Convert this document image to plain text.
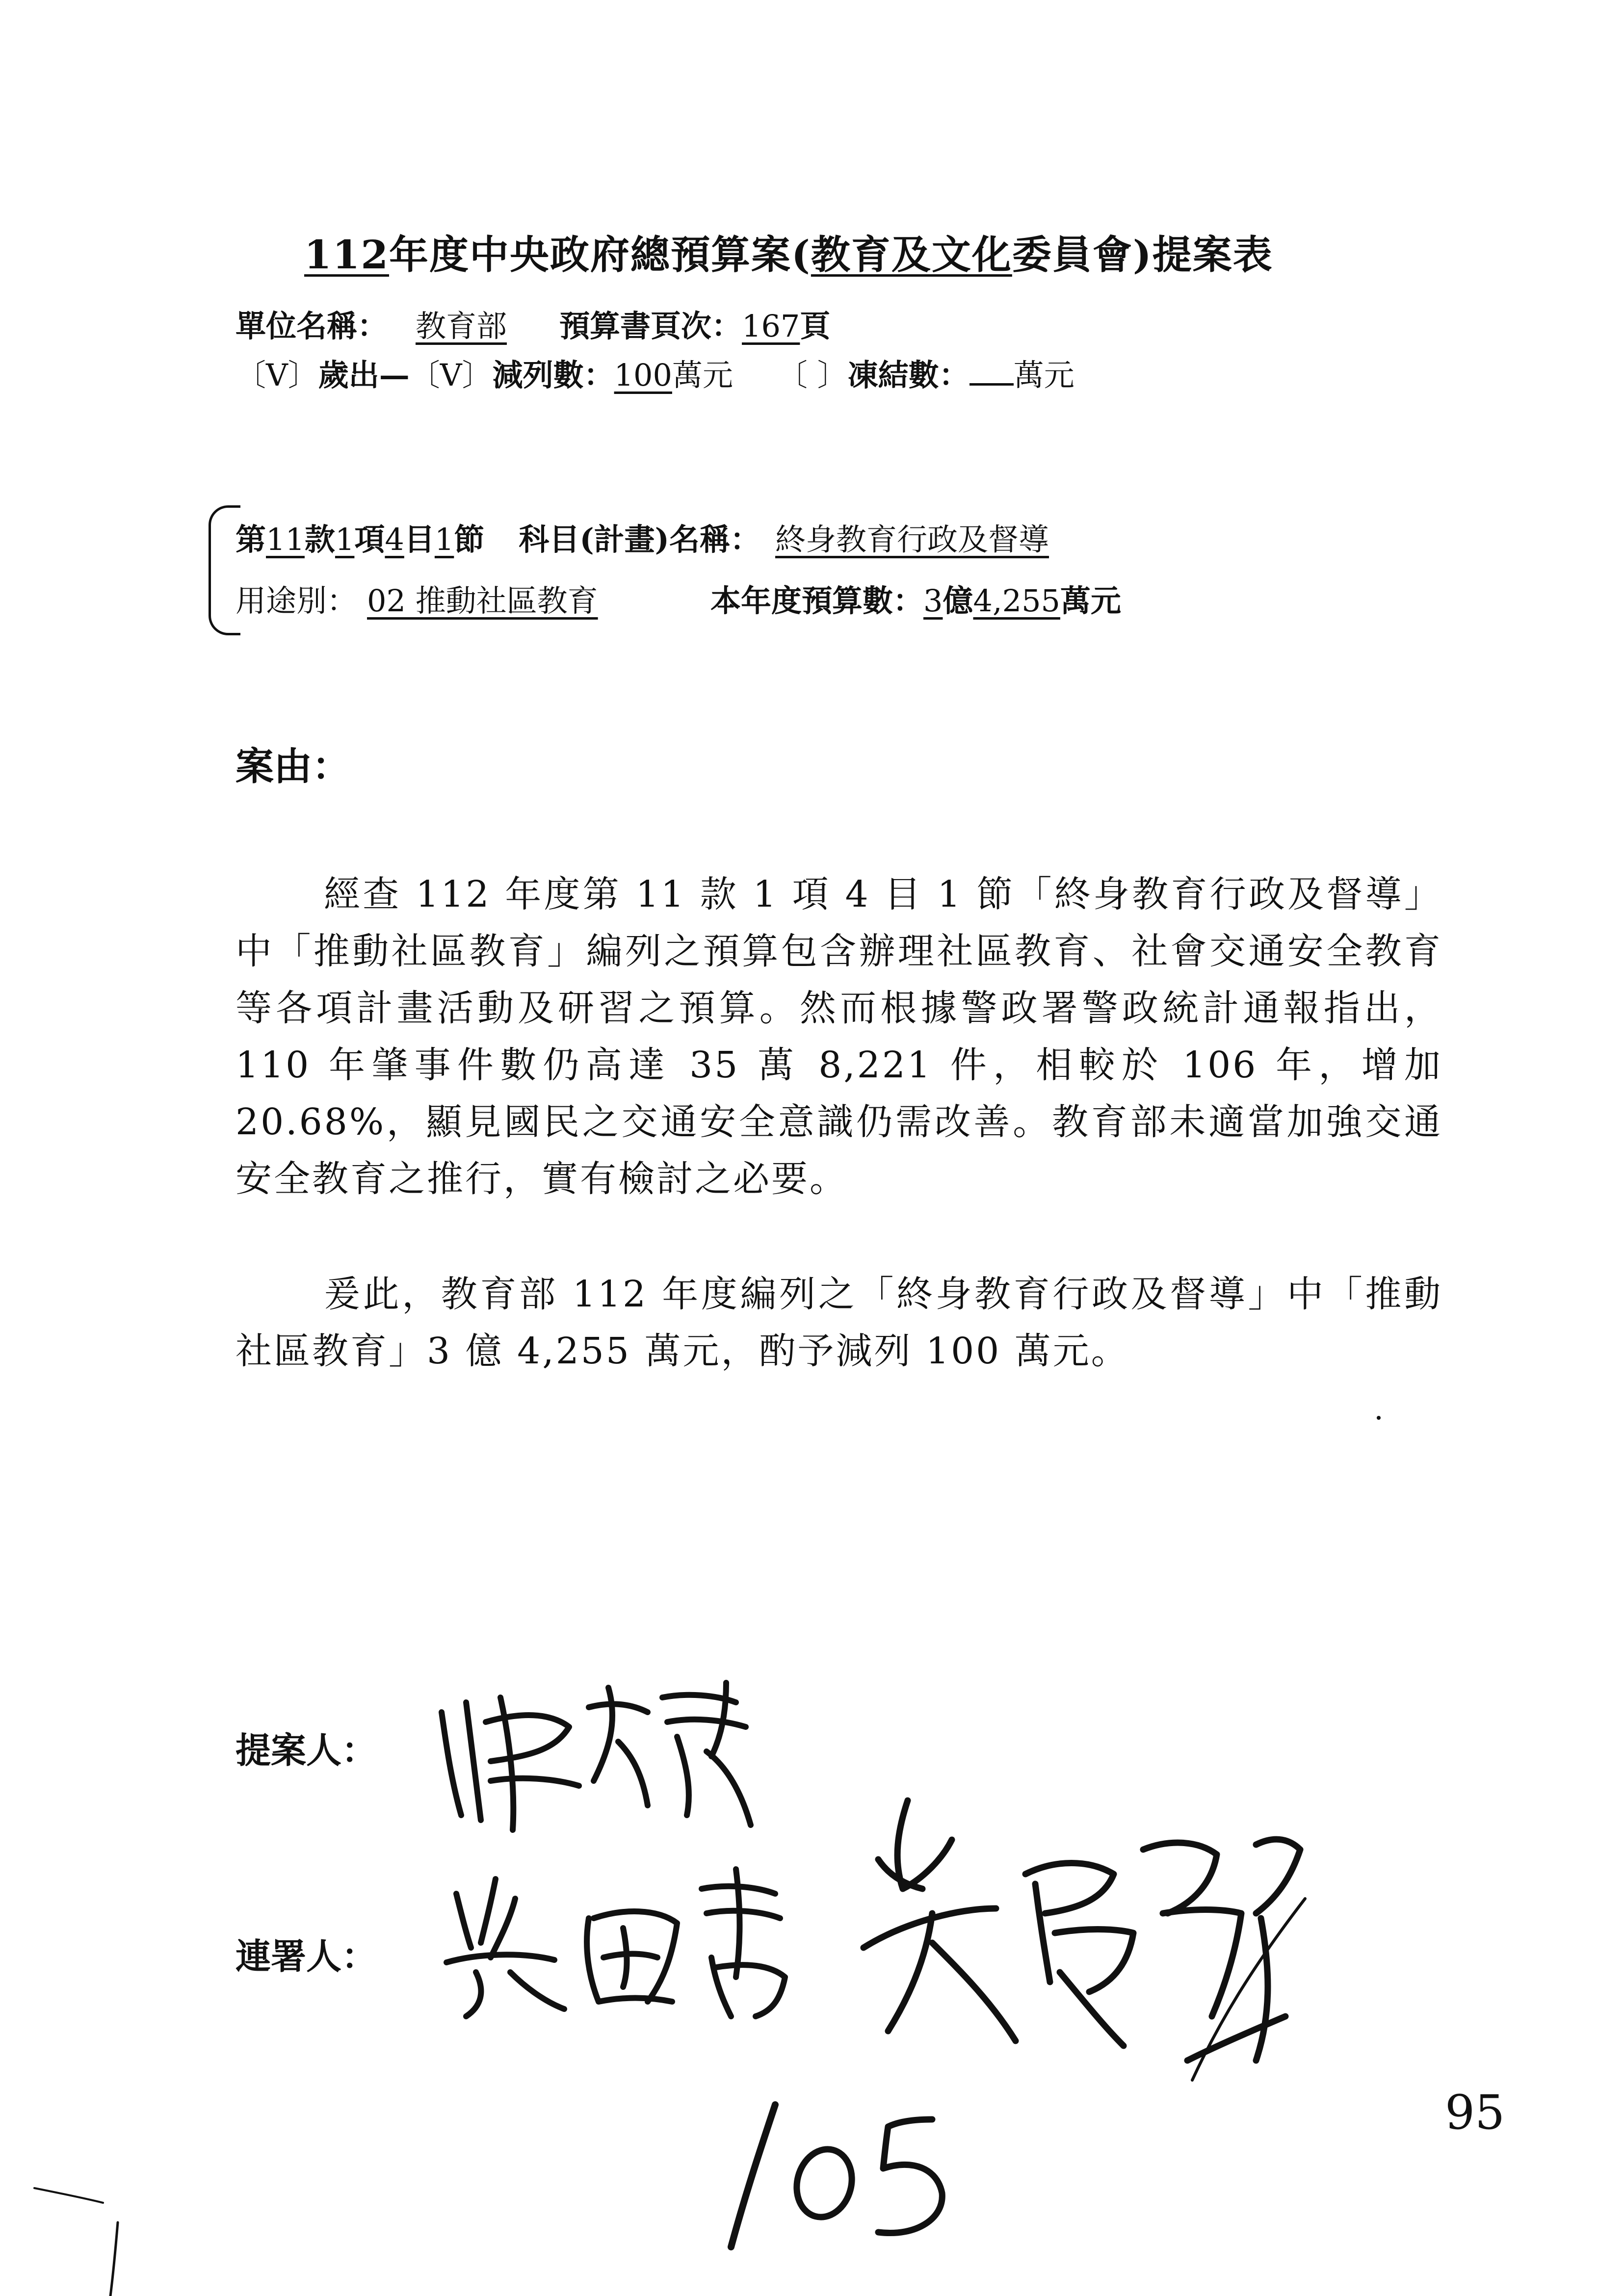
112年度中央政府總預算案(教育及文化委員會)提案表
單位名稱： 教育部 預算書頁次：167頁
〔V〕歲出—〔V〕減列數：100萬元 〔 〕凍結數： 萬元
第11款1項4目1節 科目(計畫)名稱： 終身教育行政及督導
用途別： 02 推動社區教育	本年度預算數：3億4,255萬元
案由：
經查 112 年度第 11 款 1 項 4 目 1 節「終身教育行政及督導」中「推動社區教育」編列之預算包含辦理社區教育、社會交通安全教育等各項計畫活動及研習之預算。然而根據警政署警政統計通報指出，110 年肇事件數仍高達 35 萬 8,221 件，相較於 106 年，增加 20.68%，顯見國民之交通安全意識仍需改善。教育部未適當加強交通安全教育之推行，實有檢討之必要。
爰此，教育部 112 年度編列之「終身教育行政及督導」中「推動社區教育」3 億 4,255 萬元，酌予減列 100 萬元。
提案人：
連署人：
95
